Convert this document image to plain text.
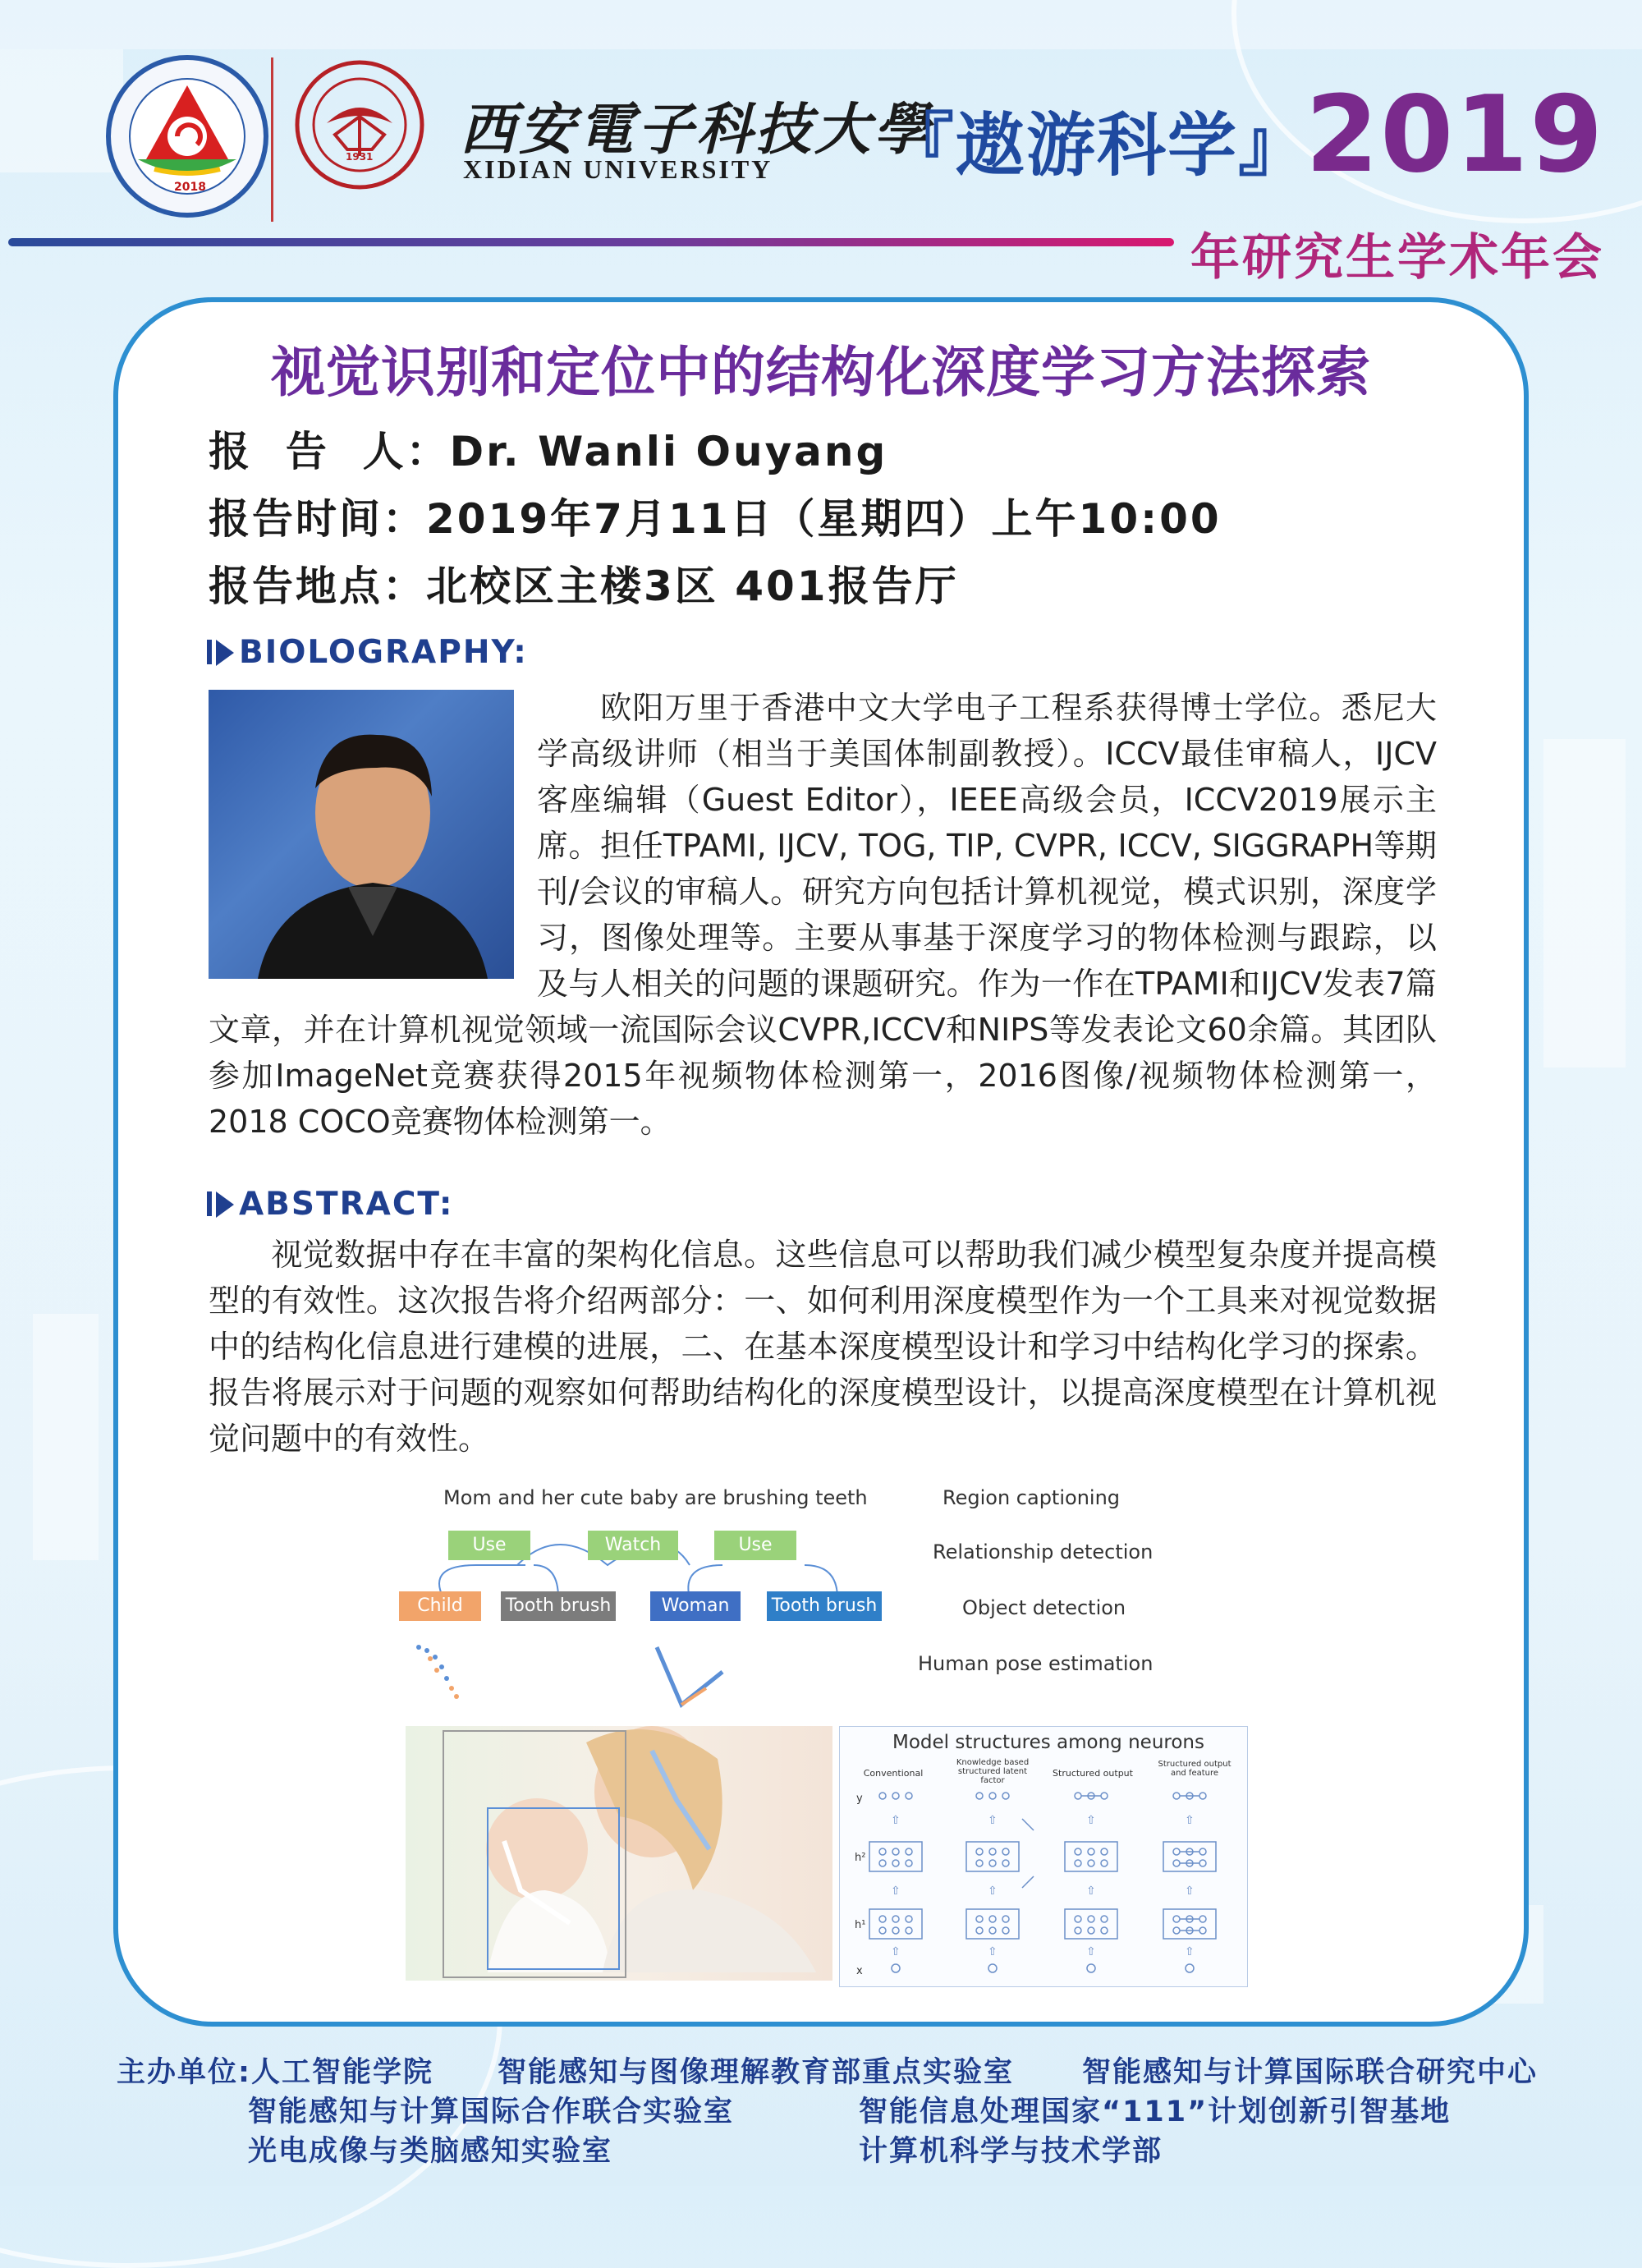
2018
1931 西安電子科技大學
XIDIAN UNIVERSITY 『遨游科学』
2019
年研究生学术年会
视觉识别和定位中的结构化深度学习方法探索
报  告  人：Dr. Wanli Ouyang
报告时间：2019年7月11日（星期四）上午10:00
报告地点：北校区主楼3区 401报告厅
BIOLOGRAPHY:
欧阳万里于香港中文大学电子工程系获得博士学位。悉尼大学高级讲师（相当于美国体制副教授）。ICCV最佳审稿人，IJCV客座编辑（Guest Editor），IEEE高级会员，ICCV2019展示主席。担任TPAMI, IJCV, TOG, TIP, CVPR, ICCV, SIGGRAPH等期刊/会议的审稿人。研究方向包括计算机视觉，模式识别，深度学习，图像处理等。主要从事基于深度学习的物体检测与跟踪，以及与人相关的问题的课题研究。作为一作在TPAMI和IJCV发表7篇文章，并在计算机视觉领域一流国际会议CVPR,ICCV和NIPS等发表论文60余篇。其团队参加ImageNet竞赛获得2015年视频物体检测第一，2016图像/视频物体检测第一，2018 COCO竞赛物体检测第一。
ABSTRACT:
视觉数据中存在丰富的架构化信息。这些信息可以帮助我们减少模型复杂度并提高模型的有效性。这次报告将介绍两部分：一、如何利用深度模型作为一个工具来对视觉数据中的结构化信息进行建模的进展，二、在基本深度模型设计和学习中结构化学习的探索。报告将展示对于问题的观察如何帮助结构化的深度模型设计，以提高深度模型在计算机视觉问题中的有效性。
Mom and her cute baby are brushing teeth
Use	Watch	Use
Child	Tooth brush	Woman	Tooth brush
Region captioning
Relationship detection
Object detection
Human pose estimation
Model structures among neurons
Conventional
Knowledge based structured latent factor
Structured output
Structured output and feature
y
h²
h¹
x
⇧
⇧
⇧
⇧
⇧
⇧
⇧
⇧
⇧
⇧
⇧
⇧
主办单位:人工智能学院 智能感知与图像理解教育部重点实验室 智能感知与计算国际联合研究中心
智能感知与计算国际合作联合实验室	智能信息处理国家“111”计划创新引智基地
光电成像与类脑感知实验室	计算机科学与技术学部
